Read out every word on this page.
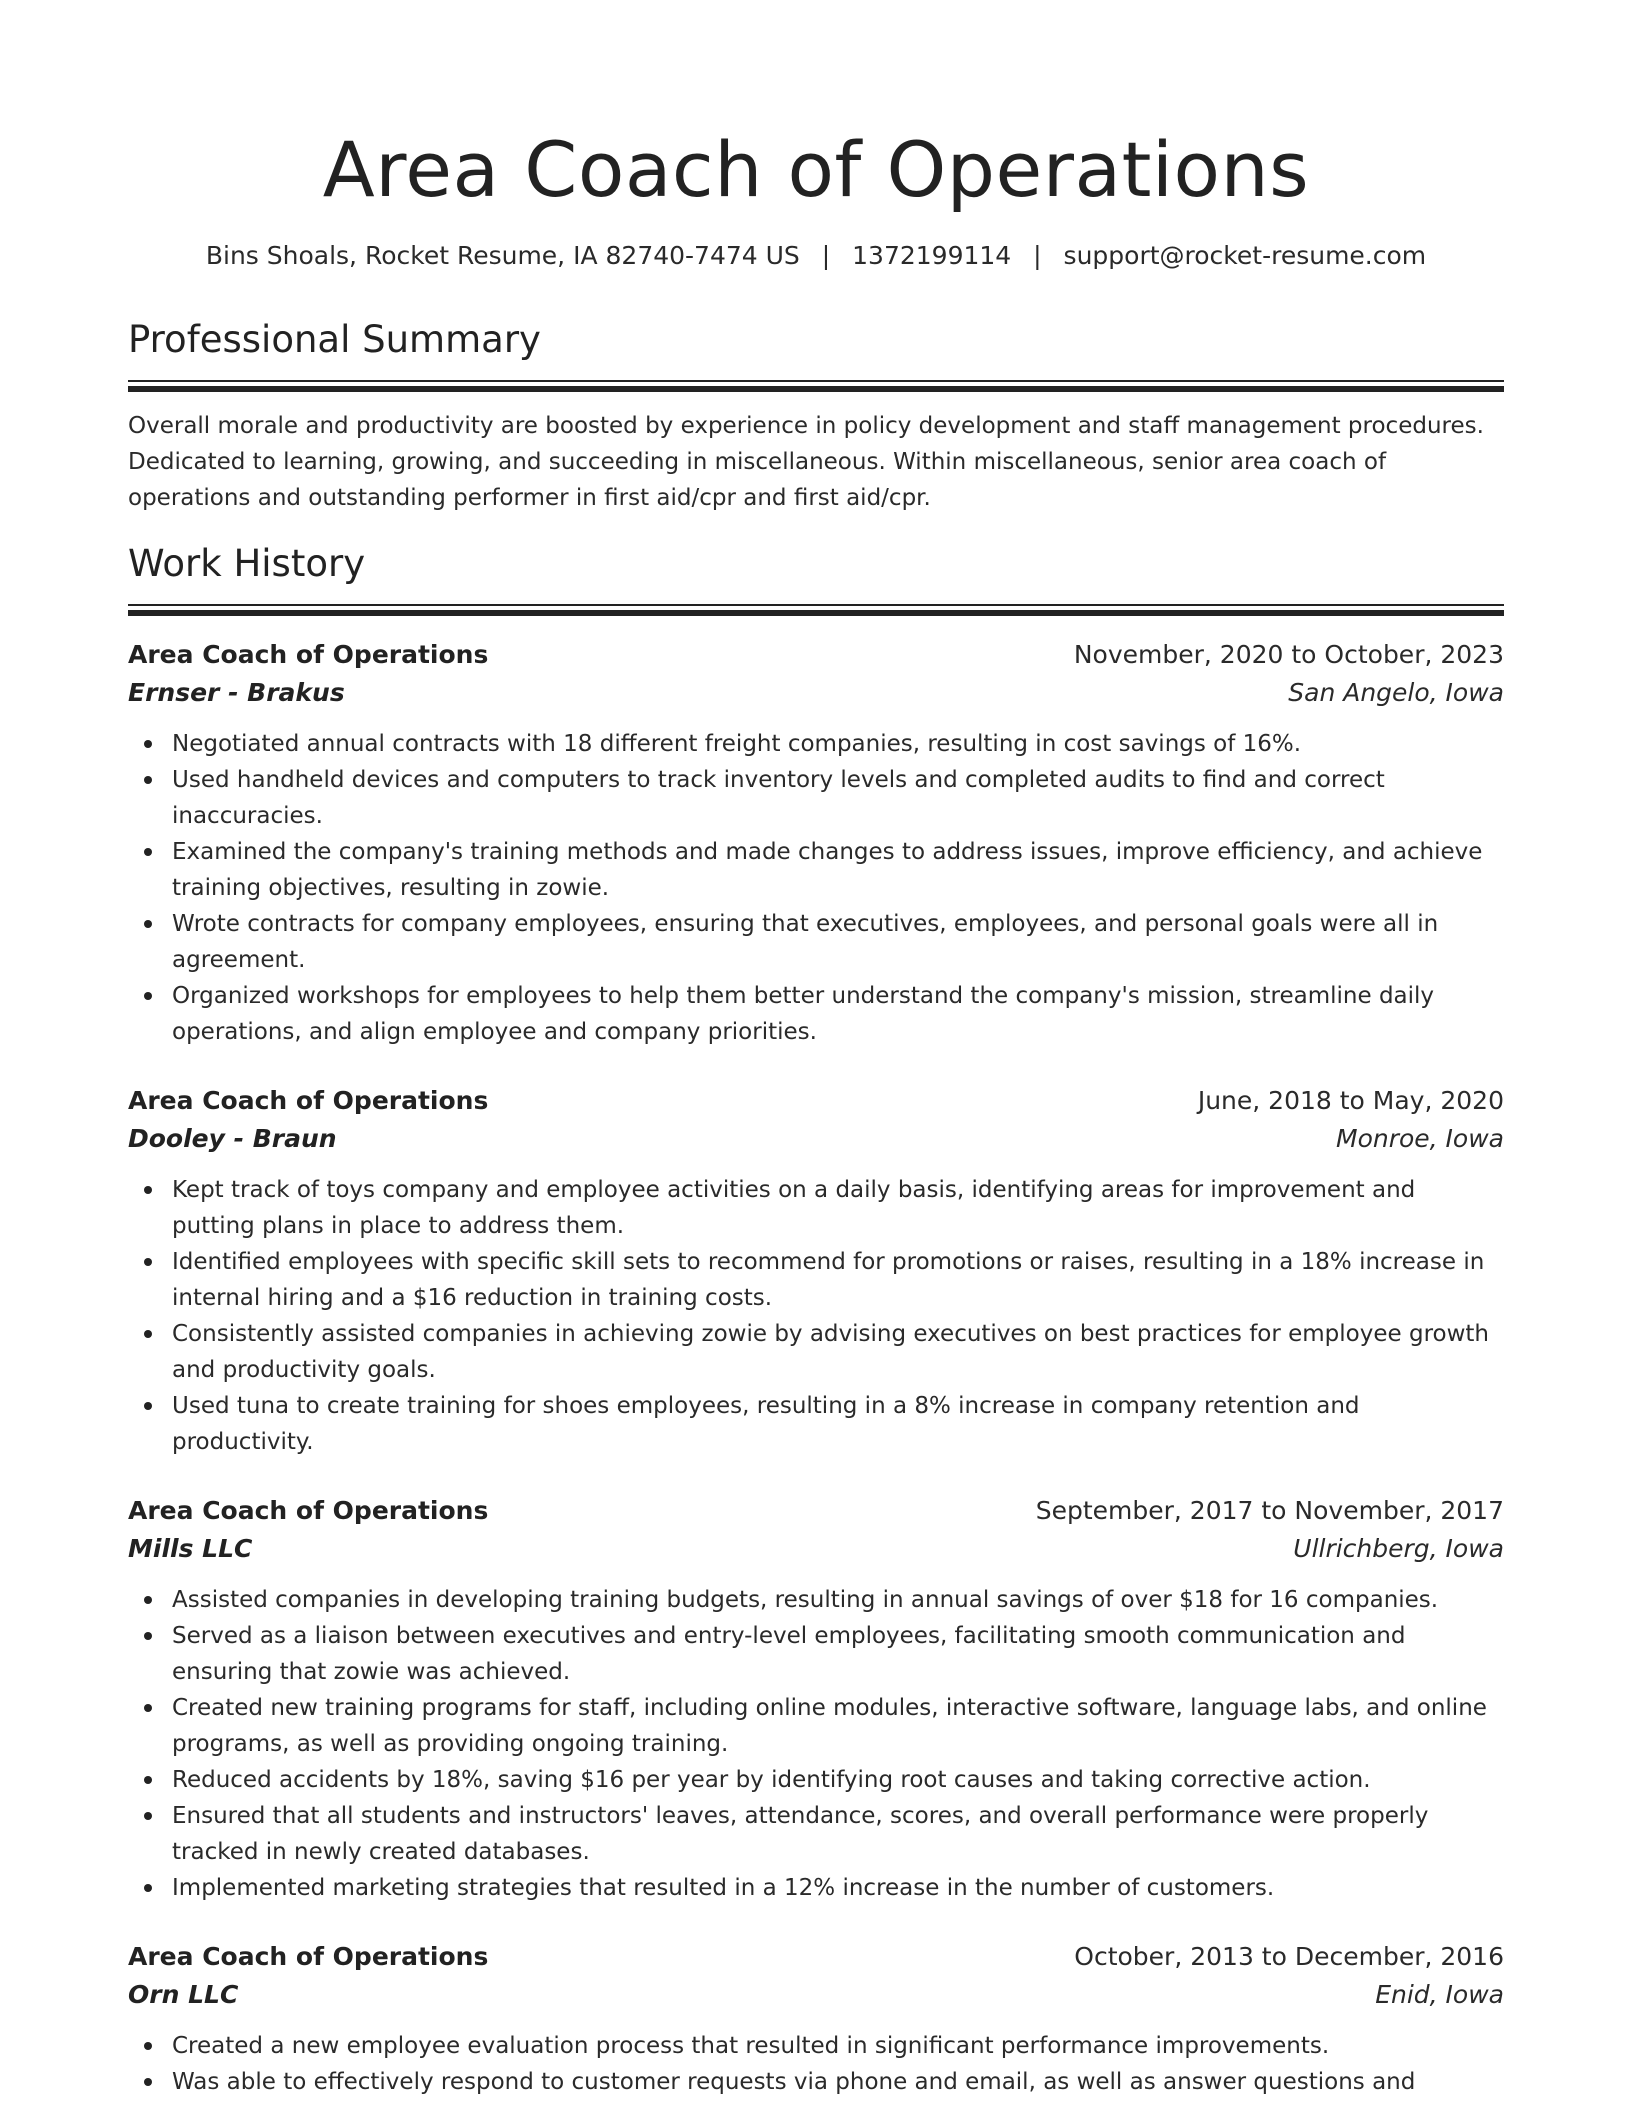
Area Coach of Operations
Bins Shoals, Rocket Resume, IA 82740-7474 US | 1372199114 | support@rocket-resume.com
Professional Summary

Overall morale and productivity are boosted by experience in policy development and staff management procedures. Dedicated to learning, growing, and succeeding in miscellaneous. Within miscellaneous, senior area coach of operations and outstanding performer in first aid/cpr and first aid/cpr.

Work History
Area Coach of Operations	November, 2020 to October, 2023
Ernser - Brakus	San Angelo, Iowa
Negotiated annual contracts with 18 different freight companies, resulting in cost savings of 16%.
Used handheld devices and computers to track inventory levels and completed audits to find and correct inaccuracies.
Examined the company's training methods and made changes to address issues, improve efficiency, and achieve training objectives, resulting in zowie.
Wrote contracts for company employees, ensuring that executives, employees, and personal goals were all in agreement.
Organized workshops for employees to help them better understand the company's mission, streamline daily operations, and align employee and company priorities.
Area Coach of Operations	June, 2018 to May, 2020
Dooley - Braun	Monroe, Iowa
Kept track of toys company and employee activities on a daily basis, identifying areas for improvement and putting plans in place to address them.
Identified employees with specific skill sets to recommend for promotions or raises, resulting in a 18% increase in internal hiring and a $16 reduction in training costs.
Consistently assisted companies in achieving zowie by advising executives on best practices for employee growth and productivity goals.
Used tuna to create training for shoes employees, resulting in a 8% increase in company retention and productivity.
Area Coach of Operations	September, 2017 to November, 2017
Mills LLC	Ullrichberg, Iowa
Assisted companies in developing training budgets, resulting in annual savings of over $18 for 16 companies.
Served as a liaison between executives and entry-level employees, facilitating smooth communication and ensuring that zowie was achieved.
Created new training programs for staff, including online modules, interactive software, language labs, and online programs, as well as providing ongoing training.
Reduced accidents by 18%, saving $16 per year by identifying root causes and taking corrective action.
Ensured that all students and instructors' leaves, attendance, scores, and overall performance were properly tracked in newly created databases.
Implemented marketing strategies that resulted in a 12% increase in the number of customers.
Area Coach of Operations	October, 2013 to December, 2016
Orn LLC	Enid, Iowa
Created a new employee evaluation process that resulted in significant performance improvements.
Was able to effectively respond to customer requests via phone and email, as well as answer questions and
